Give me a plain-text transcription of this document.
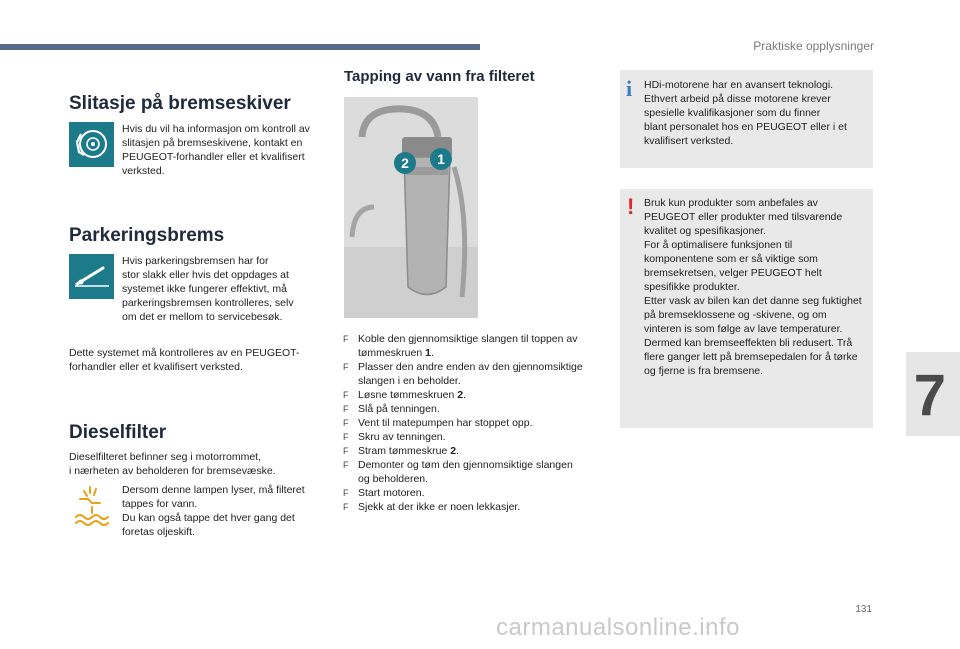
Praktiske opplysninger
7
131
Slitasje på bremseskiver
Hvis du vil ha informasjon om kontroll av
slitasjen på bremseskivene, kontakt en
PEUGEOT-forhandler eller et kvalifisert
verksted.
Parkeringsbrems
Hvis parkeringsbremsen har for
stor slakk eller hvis det oppdages at
systemet ikke fungerer effektivt, må
parkeringsbremsen kontrolleres, selv
om det er mellom to servicebesøk.
Dette systemet må kontrolleres av en PEUGEOT-
forhandler eller et kvalifisert verksted.
Dieselfilter
Dieselfilteret befinner seg i motorrommet,
i nærheten av beholderen for bremsevæske.
Dersom denne lampen lyser, må filteret
tappes for vann.
Du kan også tappe det hver gang det
foretas oljeskift.
Tapping av vann fra filteret
2 1
F Koble den gjennomsiktige slangen til toppen av
tømmeskruen 1.
F Plasser den andre enden av den gjennomsiktige
slangen i en beholder.
F Løsne tømmeskruen 2.
F Slå på tenningen.
F Vent til matepumpen har stoppet opp.
F Skru av tenningen.
F Stram tømmeskrue 2.
F Demonter og tøm den gjennomsiktige slangen
og beholderen.
F Start motoren.
F Sjekk at der ikke er noen lekkasjer.
i HDi-motorene har en avansert teknologi.
Ethvert arbeid på disse motorene krever
spesielle kvalifikasjoner som du finner
blant personalet hos en PEUGEOT eller i et
kvalifisert verksted.
! Bruk kun produkter som anbefales av
PEUGEOT eller produkter med tilsvarende
kvalitet og spesifikasjoner.
For å optimalisere funksjonen til
komponentene som er så viktige som
bremsekretsen, velger PEUGEOT helt
spesifikke produkter.
Etter vask av bilen kan det danne seg fuktighet
på bremseklossene og -skivene, og om
vinteren is som følge av lave temperaturer.
Dermed kan bremseeffekten bli redusert. Trå
flere ganger lett på bremsepedalen for å tørke
og fjerne is fra bremsene.
carmanualsonline.info
